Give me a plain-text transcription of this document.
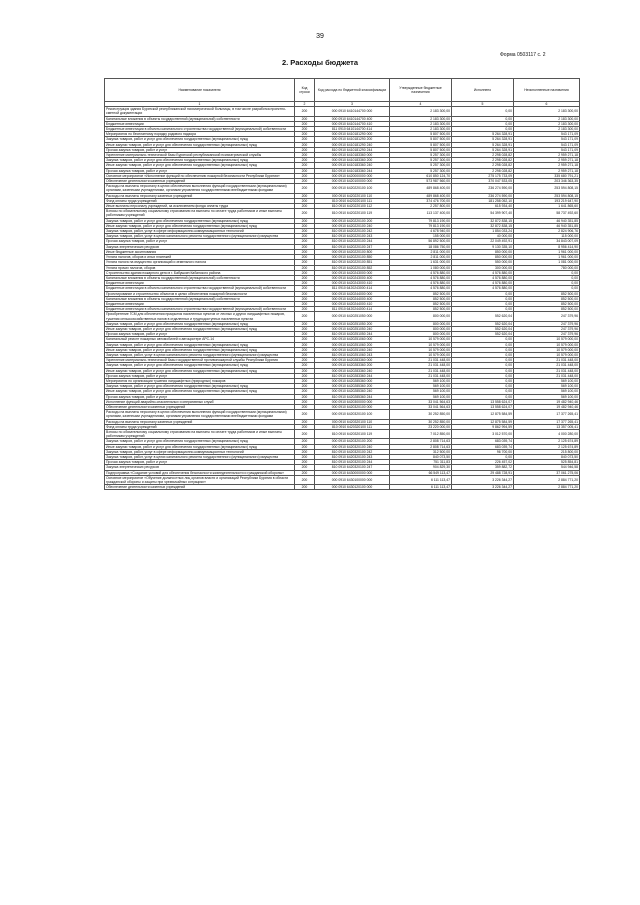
39
Форма 0503117 с. 2
2. Расходы бюджета
Наименование показателя	Код строки	Код расхода по бюджетной классификации	Утвержденные бюджетные назначения	Исполнено	Неисполненные назначения
1	2	3	4	5	6
Реконструкция здания Бурятской республиканской психиатрической больницы, в том числе разработка проектно-сметной документации	200	000 0910 6410144700 000	2 183 300,00	0,00	2 183 300,00
Капитальные вложения в объекты государственной (муниципальной) собственности	200	000 0910 6410144700 400	2 183 300,00	0,00	2 183 300,00
Бюджетные инвестиции	200	000 0910 6410144700 410	2 183 300,00	0,00	2 183 300,00
Бюджетные инвестиции в объекты капитального строительства государственной (муниципальной) собственности	200	811 0910 6410144700 414	2 183 300,00	0,00	2 183 300,00
Мероприятия по бесплатному порядку родового надзора	200	000 0910 6410181290 000	5 807 500,00	5 264 328,91	543 171,09
Закупка товаров, работ и услуг для обеспечения государственных (муниципальных) нужд	200	000 0910 6410181290 200	5 807 500,00	5 264 328,91	543 171,09
Иные закупки товаров, работ и услуг для обеспечения государственных (муниципальных) нужд	200	000 0910 6410181290 240	5 807 500,00	5 264 328,91	543 171,09
Прочая закупка товаров, работ и услуг	200	810 0910 6410181290 244	5 807 500,00	5 264 328,91	543 171,09
Укрепление материально-технической базы Бурятской республиканской психиатрической службы	200	000 0910 6410183360 000	5 257 300,00	2 298 028,82	2 959 271,18
Закупка товаров, работ и услуг для обеспечения государственных (муниципальных) нужд	200	000 0910 6410183360 200	5 257 300,00	2 298 028,82	2 959 271,18
Иные закупки товаров, работ и услуг для обеспечения государственных (муниципальных) нужд	200	000 0910 6410183360 240	5 257 300,00	2 298 028,82	2 959 271,18
Прочая закупка товаров, работ и услуг	200	810 0910 6410183360 244	5 257 300,00	2 298 028,82	2 959 271,18
Основное мероприятие «Исполнение функций по обеспечению пожарной безопасности Республики Бурятия»	200	000 0910 6420000000 000	610 850 124,70	275 175 733,09	335 680 791,21
Обеспечение деятельности казенных учреждений	200	000 0910 6420100000 000	573 987 560,00	370 047 533,05	203 346 363,35
Расходы на выплаты персоналу в целях обеспечения выполнения функций государственными (муниципальными) органами, казенными учреждениями, органами управления государственными внебюджетными фондами	200	000 0910 6420220100 100	489 868 400,00	236 274 590,00	253 594 808,15
Расходы на выплаты персоналу казенных учреждений	200	000 0910 6420220100 110	489 868 400,00	236 274 590,00	253 594 808,15
Фонд оплаты труда учреждений	200	810 0910 6420220100 111	374 476 700,00	181 258 052,10	193 219 647,90
Иные выплаты персоналу учреждений, за исключением фонда оплаты труда	200	810 0910 6420220100 112	2 257 800,00	615 934,40	1 641 865,60
Взносы по обязательному социальному страхованию на выплаты по оплате труда работников и иные выплаты работникам учреждений	200	810 0910 6420220100 119	113 137 400,00	54 399 907,40	58 737 492,60
Закупка товаров, работ и услуг для обеспечения государственных (муниципальных) нужд	200	000 0910 6420220100 200	79 813 190,00	32 872 838,15	46 940 351,85
Иные закупки товаров, работ и услуг для обеспечения государственных (муниципальных) нужд	200	000 0910 6420220100 240	79 813 190,00	32 872 838,15	46 940 351,85
Закупка товаров, работ, услуг в сфере информационно-коммуникационных технологий	200	810 0910 6420220100 242	4 678 940,00	1 854 033,24	2 824 906,76
Закупка товаров, работ, услуг в целях капитального ремонта государственного (муниципального) имущества	200	810 0910 6420220100 243	155 000,00	40 000,00	115 000,00
Прочая закупка товаров, работ и услуг	200	810 0910 6420220100 244	56 892 500,00	22 049 492,91	34 843 007,09
Закупка энергетических ресурсов	200	810 0910 6420220100 247	18 086 750,00	9 130 335,10	8 956 414,90
Иные бюджетные ассигнования	200	000 0910 6420220100 800	2 811 000,00	850 000,00	1 961 000,00
Уплата налогов, сборов и иных платежей	200	000 0910 6420220100 850	2 811 000,00	850 000,00	1 961 000,00
Уплата налога на имущество организаций и земельного налога	200	810 0910 6420220100 851	1 631 000,00	550 000,00	1 081 000,00
Уплата прочих налогов, сборов	200	810 0910 6420220100 852	1 080 000,00	300 000,00	780 000,00
Строительство здания пожарного депо в г. Бабушкин Кабанского района	200	000 0910 6420243000 000	4 576 880,00	4 576 880,00	0,00
Капитальные вложения в объекты государственной (муниципальной) собственности	200	000 0910 6420243000 400	4 576 880,00	4 576 880,00	0,00
Бюджетные инвестиции	200	000 0910 6420243000 410	4 576 880,00	4 576 880,00	0,00
Бюджетные инвестиции в объекты капитального строительства государственной (муниципальной) собственности	200	811 0910 6420243000 414	4 576 880,00	4 576 880,00	0,00
Проектирование и строительство объектов в целях обеспечения пожарной безопасности	200	000 0910 6420244000 000	852 500,00	0,00	852 500,00
Капитальные вложения в объекты государственной (муниципальной) собственности	200	000 0910 6420244000 400	852 500,00	0,00	852 500,00
Бюджетные инвестиции	200	000 0910 6420244000 410	852 500,00	0,00	852 500,00
Бюджетные инвестиции в объекты капитального строительства государственной (муниципальной) собственности	200	811 0910 6420244000 414	852 500,00	0,00	852 500,00
Приобретение ГСМ для обеспечения прикрытия населенных пунктов от лесных и других ландшафтных пожаров, тушения сельскохозяйственных палов в отдаленных и труднодоступных населенных пунктах	200	000 0910 6420251050 000	800 000,00	552 620,04	247 379,96
Закупка товаров, работ и услуг для обеспечения государственных (муниципальных) нужд	200	000 0910 6420251050 200	800 000,00	552 620,04	247 379,96
Иные закупки товаров, работ и услуг для обеспечения государственных (муниципальных) нужд	200	000 0910 6420251050 240	800 000,00	552 620,04	247 379,96
Прочая закупка товаров, работ и услуг	200	810 0910 6420251050 244	800 000,00	552 620,04	247 379,96
Капитальный ремонт пожарных автомобилей и автоцистерн АРС-14	200	000 0910 6420251060 000	10 579 000,00	0,00	10 579 000,00
Закупка товаров, работ и услуг для обеспечения государственных (муниципальных) нужд	200	000 0910 6420251060 200	10 579 000,00	0,00	10 579 000,00
Иные закупки товаров, работ и услуг для обеспечения государственных (муниципальных) нужд	200	000 0910 6420251060 240	10 579 000,00	0,00	10 579 000,00
Закупка товаров, работ, услуг в целях капитального ремонта государственного (муниципального) имущества	200	810 0910 6420251060 243	10 579 000,00	0,00	10 579 000,00
Укрепление материально-технической базы государственной противопожарной службы Республики Бурятия	200	000 0910 6420283360 000	21 031 448,00	0,00	21 031 448,00
Закупка товаров, работ и услуг для обеспечения государственных (муниципальных) нужд	200	000 0910 6420283360 200	21 031 448,00	0,00	21 031 448,00
Иные закупки товаров, работ и услуг для обеспечения государственных (муниципальных) нужд	200	000 0910 6420283360 240	21 031 448,00	0,00	21 031 448,00
Прочая закупка товаров, работ и услуг	200	810 0910 6420283360 244	21 031 448,00	0,00	21 031 448,00
Мероприятия по организации тушения ландшафтных (природных) пожаров	200	000 0910 6420285360 000	569 100,00	0,00	569 100,00
Закупка товаров, работ и услуг для обеспечения государственных (муниципальных) нужд	200	000 0910 6420285360 200	569 100,00	0,00	569 100,00
Иные закупки товаров, работ и услуг для обеспечения государственных (муниципальных) нужд	200	000 0910 6420285360 240	569 100,00	0,00	569 100,00
Прочая закупка товаров, работ и услуг	200	810 0910 6420285360 244	569 100,00	0,00	569 100,00
Исполнение функций аварийно-спасательных и оперативных служб	200	000 0910 6420300000 000	33 041 564,63	13 558 624,07	19 482 940,46
Обеспечение деятельности казенных учреждений	200	000 0910 6420320100 000	33 041 564,63	13 558 624,07	19 482 940,46
Расходы на выплаты персоналу в целях обеспечения выполнения функций государственными (муниципальными) органами, казенными учреждениями, органами управления государственными внебюджетными фондами	200	000 0910 6420320100 100	30 252 850,00	12 875 584,59	17 377 265,41
Расходы на выплаты персоналу казенных учреждений	200	000 0910 6420320100 110	30 252 850,00	12 875 584,59	17 377 265,41
Фонд оплаты труда учреждений	200	810 0910 6420320100 111	23 220 000,00	9 862 994,59	13 357 005,41
Взносы по обязательному социальному страхованию на выплаты по оплате труда работников и иные выплаты работникам учреждений	200	810 0910 6420320100 119	7 012 850,00	3 012 570,00	4 000 280,00
Закупка товаров, работ и услуг для обеспечения государственных (муниципальных) нужд	200	000 0910 6420320100 200	2 808 714,63	683 039,74	2 125 674,89
Иные закупки товаров, работ и услуг для обеспечения государственных (муниципальных) нужд	200	000 0910 6420320100 240	2 808 714,63	683 039,74	2 125 674,89
Закупка товаров, работ, услуг в сфере информационно-коммуникационных технологий	200	810 0910 6420320100 242	312 500,00	96 700,00	215 800,00
Закупка товаров, работ, услуг в целях капитального ремонта государственного (муниципального) имущества	200	810 0910 6420320100 243	840 073,50	0,00	840 073,50
Прочая закупка товаров, работ и услуг	200	810 0910 6420320100 244	751 311,83	226 457,02	525 854,81
Закупка энергетических ресурсов	200	810 0910 6420320100 247	904 829,30	359 882,72	544 946,58
Подпрограмма «Создание условий для обеспечения безопасности жизнедеятельности и гражданской обороны»	200	000 0910 6430000000 000	66 549 113,47	29 488 728,91	37 061 275,06
Основное мероприятие «Обучение должностных лиц органов власти и организаций Республики Бурятия в области гражданской обороны и защиты при чрезвычайных ситуациях»	200	000 0910 6430100000 000	6 111 113,47	3 226 344,27	2 884 771,20
Обеспечение деятельности казенных учреждений	200	000 0910 6430120100 000	6 111 113,47	3 226 344,27	2 884 771,20
